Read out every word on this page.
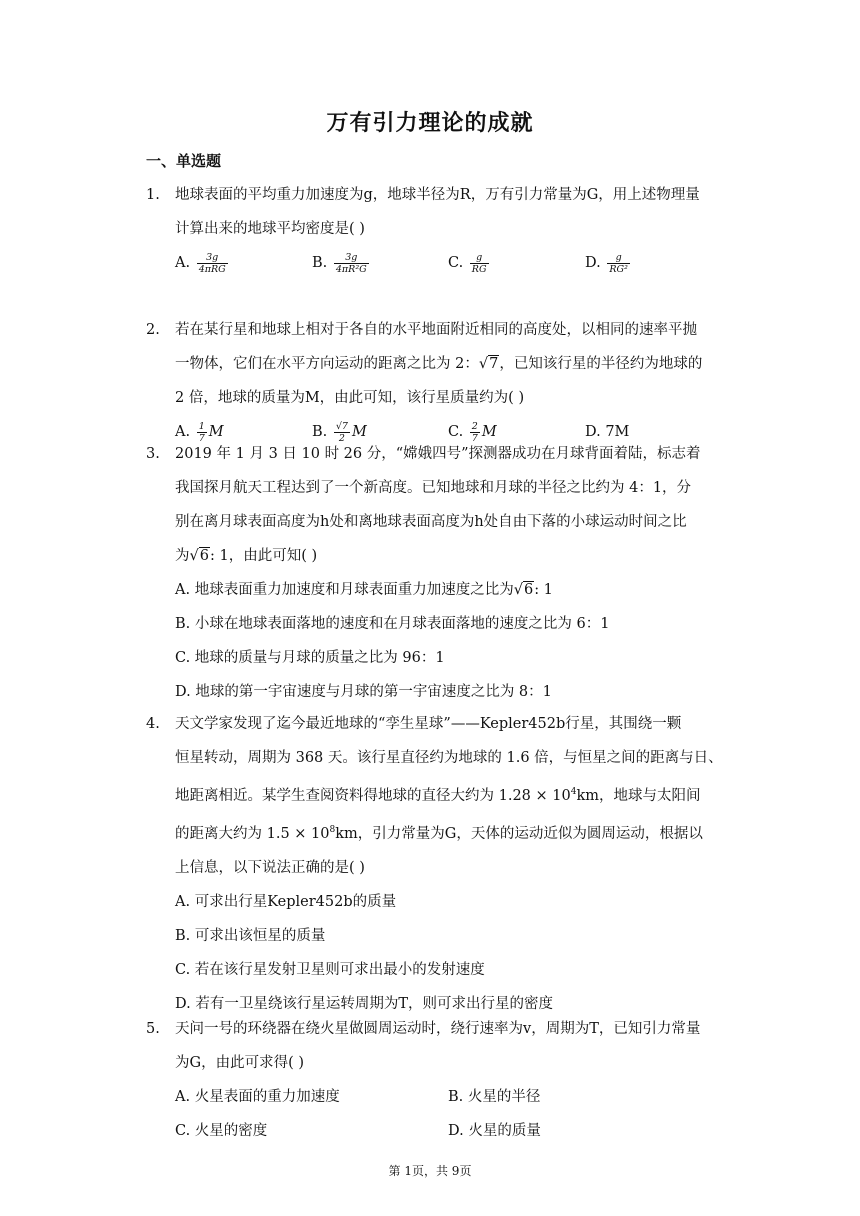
万有引力理论的成就
一、单选题
1. 地球表面的平均重力加速度为g，地球半径为R，万有引力常量为G，用上述物理量
计算出来的地球平均密度是( )
A. $\frac{3g}{\text{4πRG}}$	B. $\frac{3g}{\text{4πR²G}}$	C. $\frac{g}{RG}$	D. $\frac{g}{\text{RG²}}$
2. 若在某行星和地球上相对于各自的水平地面附近相同的高度处，以相同的速率平抛
一物体，它们在水平方向运动的距离之比为 2：√7，已知该行星的半径约为地球的
2 倍，地球的质量为M，由此可知，该行星质量约为( )
A. $\frac{1}{7}$ M	B. $\frac{√7}{2}$ M	C. $\frac{2}{7}$ M	D. 7M
3. 2019 年 1 月 3 日 10 时 26 分，“嫦娥四号”探测器成功在月球背面着陆，标志着
我国探月航天工程达到了一个新高度。已知地球和月球的半径之比约为 4：1，分
别在离月球表面高度为h处和离地球表面高度为h处自由下落的小球运动时间之比
为√6: 1，由此可知( )
A. 地球表面重力加速度和月球表面重力加速度之比为√6: 1
B. 小球在地球表面落地的速度和在月球表面落地的速度之比为 6：1
C. 地球的质量与月球的质量之比为 96：1
D. 地球的第一宇宙速度与月球的第一宇宙速度之比为 8：1
4. 天文学家发现了迄今最近地球的“孪生星球”——Kepler452b行星，其围绕一颗
恒星转动，周期为 368 天。该行星直径约为地球的 1.6 倍，与恒星之间的距离与日、
地距离相近。某学生查阅资料得地球的直径大约为 $1.28 \times 10^4km$，地球与太阳间
的距离大约为 $1.5 \times 10^8km$，引力常量为G，天体的运动近似为圆周运动，根据以
上信息，以下说法正确的是( )
A. 可求出行星Kepler452b的质量
B. 可求出该恒星的质量
C. 若在该行星发射卫星则可求出最小的发射速度
D. 若有一卫星绕该行星运转周期为T，则可求出行星的密度
5. 天问一号的环绕器在绕火星做圆周运动时，绕行速率为v，周期为T，已知引力常量
为G，由此可求得( )
A. 火星表面的重力加速度	B. 火星的半径
C. 火星的密度	D. 火星的质量
第 1页，共 9页
